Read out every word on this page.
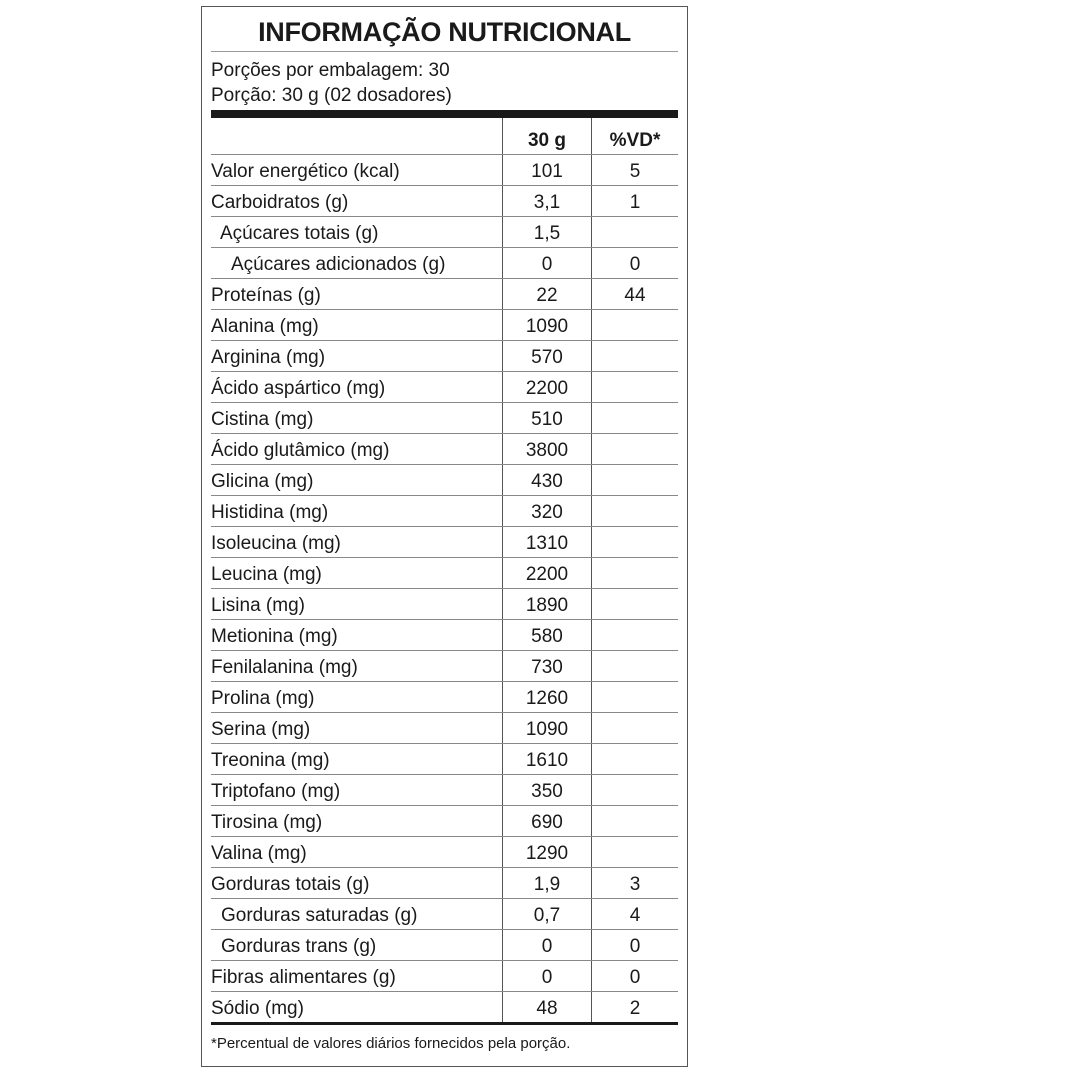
INFORMAÇÃO NUTRICIONAL
Porções por embalagem: 30
Porção: 30 g (02 dosadores)
	30 g	%VD*
Valor energético (kcal)	101	5
Carboidratos (g)	3,1	1
Açúcares totais (g)	1,5	
Açúcares adicionados (g)	0	0
Proteínas (g)	22	44
Alanina (mg)	1090	
Arginina (mg)	570	
Ácido aspártico (mg)	2200	
Cistina (mg)	510	
Ácido glutâmico (mg)	3800	
Glicina (mg)	430	
Histidina (mg)	320	
Isoleucina (mg)	1310	
Leucina (mg)	2200	
Lisina (mg)	1890	
Metionina (mg)	580	
Fenilalanina (mg)	730	
Prolina (mg)	1260	
Serina (mg)	1090	
Treonina (mg)	1610	
Triptofano (mg)	350	
Tirosina (mg)	690	
Valina (mg)	1290	
Gorduras totais (g)	1,9	3
Gorduras saturadas (g)	0,7	4
Gorduras trans (g)	0	0
Fibras alimentares (g)	0	0
Sódio (mg)	48	2
*Percentual de valores diários fornecidos pela porção.
